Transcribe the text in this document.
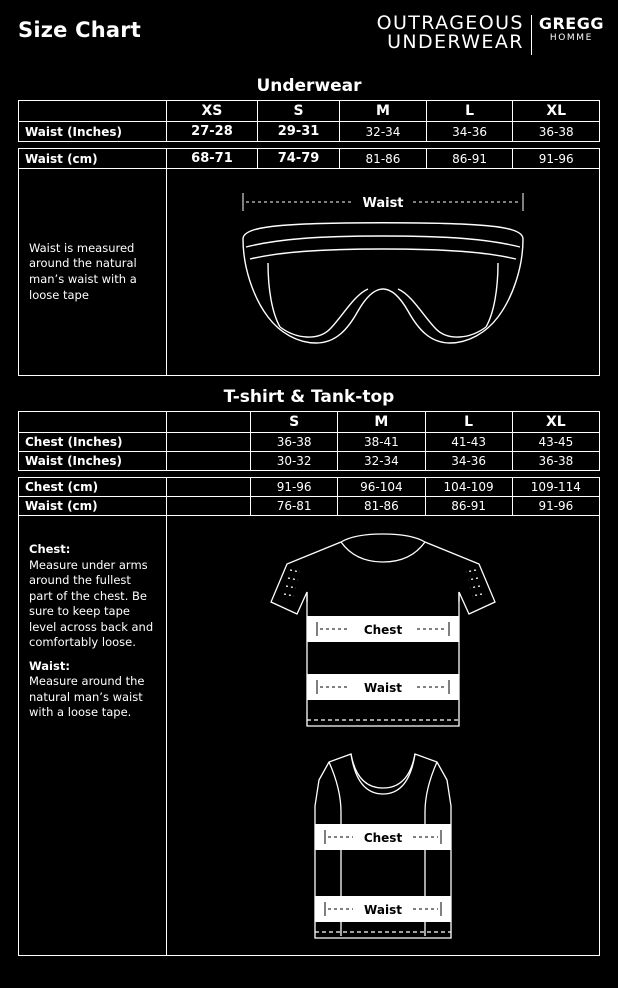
Size Chart	OUTRAGEOUS
UNDERWEAR
GREGG
HOMME
Underwear
	XS	S	M	L	XL
Waist (Inches)	27-28	29-31	32-34	34-36	36-38

Waist (cm)	68-71	74-79	81-86	86-91	91-96

Waist is measured around the natural man’s waist with a loose tape

Waist
T-shirt & Tank-top
		S	M	L	XL
Chest (Inches)		36-38	38-41	41-43	43-45
Waist (Inches)		30-32	32-34	34-36	36-38

Chest (cm)		91-96	96-104	104-109	109-114
Waist (cm)		76-81	81-86	86-91	91-96

Chest:
Measure under arms around the fullest part of the chest. Be sure to keep tape level across back and comfortably loose.

Waist:
Measure around the natural man’s waist with a loose tape.

Chest
Waist
Chest
Waist
